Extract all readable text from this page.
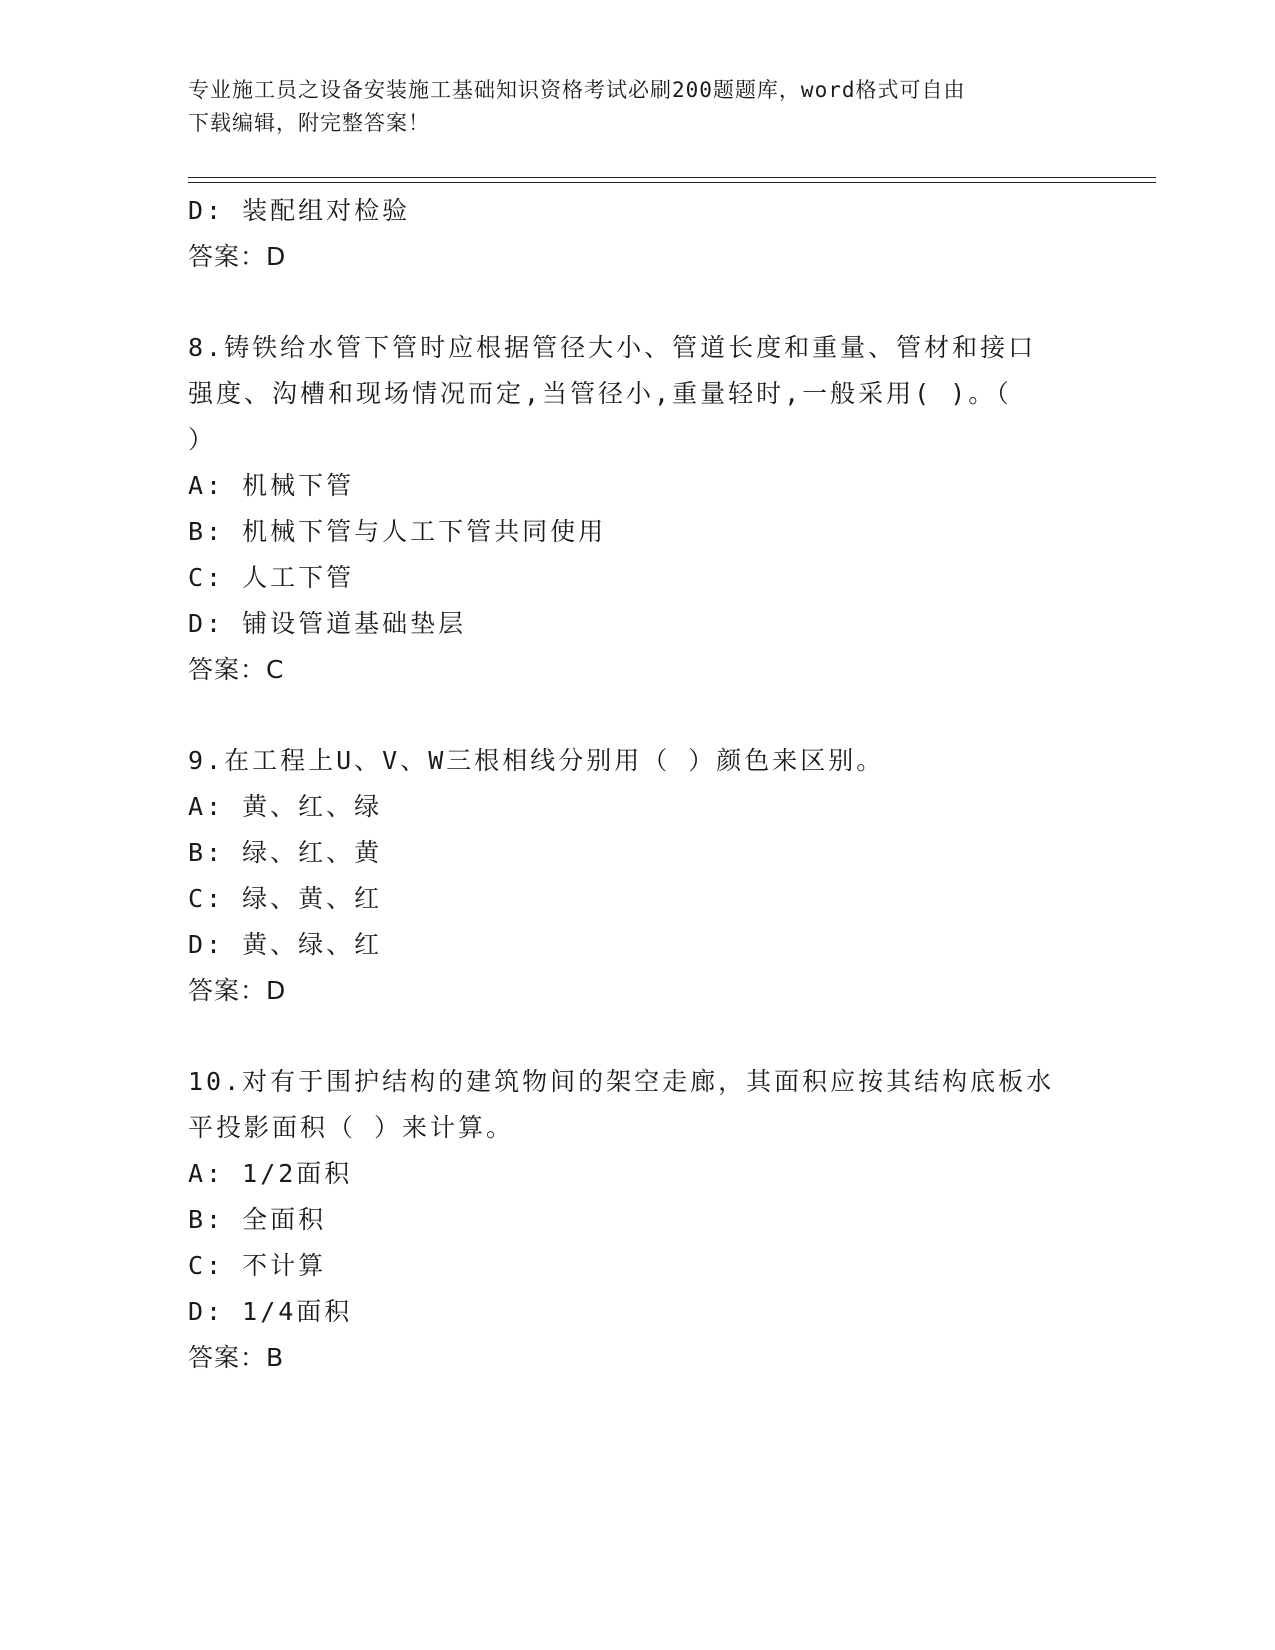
专业施工员之设备安装施工基础知识资格考试必刷200题题库，word格式可自由
下载编辑，附完整答案！
D: 装配组对检验
答案：D
8.铸铁给水管下管时应根据管径大小、管道长度和重量、管材和接口
强度、沟槽和现场情况而定,当管径小,重量轻时,一般采用( )。（
）
A: 机械下管
B: 机械下管与人工下管共同使用
C: 人工下管
D: 铺设管道基础垫层
答案：C
9.在工程上U、V、W三根相线分别用（ ）颜色来区别。
A: 黄、红、绿
B: 绿、红、黄
C: 绿、黄、红
D: 黄、绿、红
答案：D
10.对有于围护结构的建筑物间的架空走廊，其面积应按其结构底板水
平投影面积（ ）来计算。
A: 1/2面积
B: 全面积
C: 不计算
D: 1/4面积
答案：B
